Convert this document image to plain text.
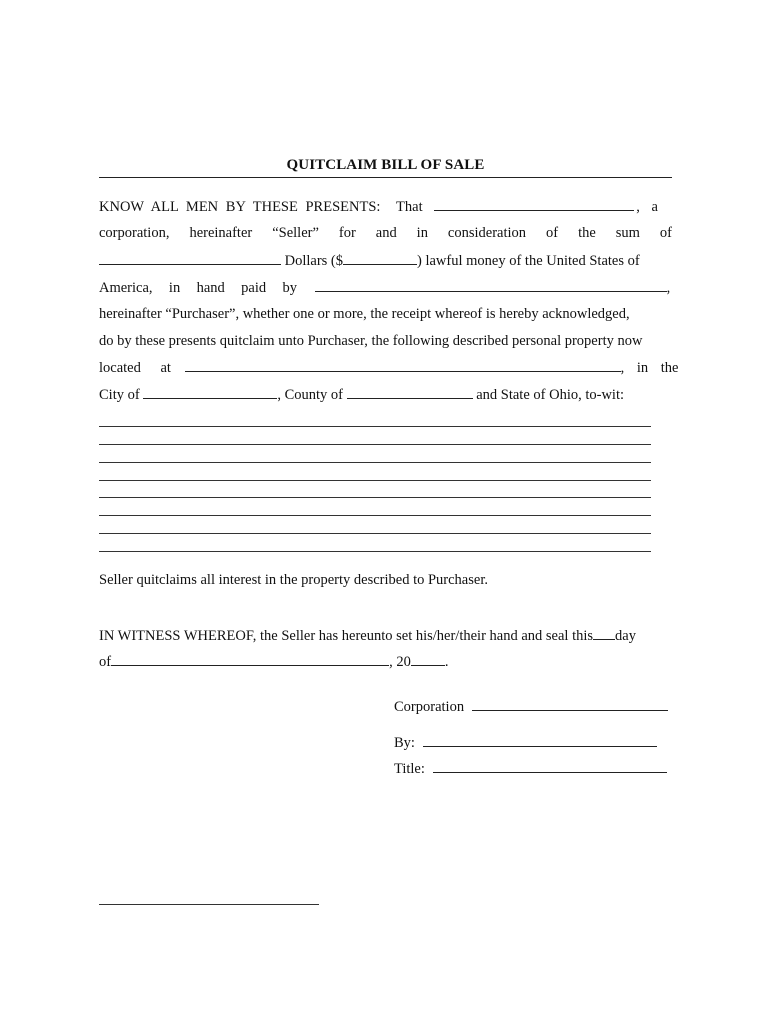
QUITCLAIM BILL OF SALE
KNOW ALL MEN BY THESE PRESENTS: That	, a
corporation, hereinafter “Seller” for and in consideration of the sum of
Dollars ($	) lawful money of the United States of
America, in hand paid by	,
hereinafter “Purchaser”, whether one or more, the receipt whereof is hereby acknowledged,
do by these presents quitclaim unto Purchaser, the following described personal property now
located at	, in the
City of	, County of	and State of Ohio, to-wit:
Seller quitclaims all interest in the property described to Purchaser.
IN WITNESS WHEREOF, the Seller has hereunto set his/her/their hand and seal this day
of	, 20 .
Corporation
By:
Title:
